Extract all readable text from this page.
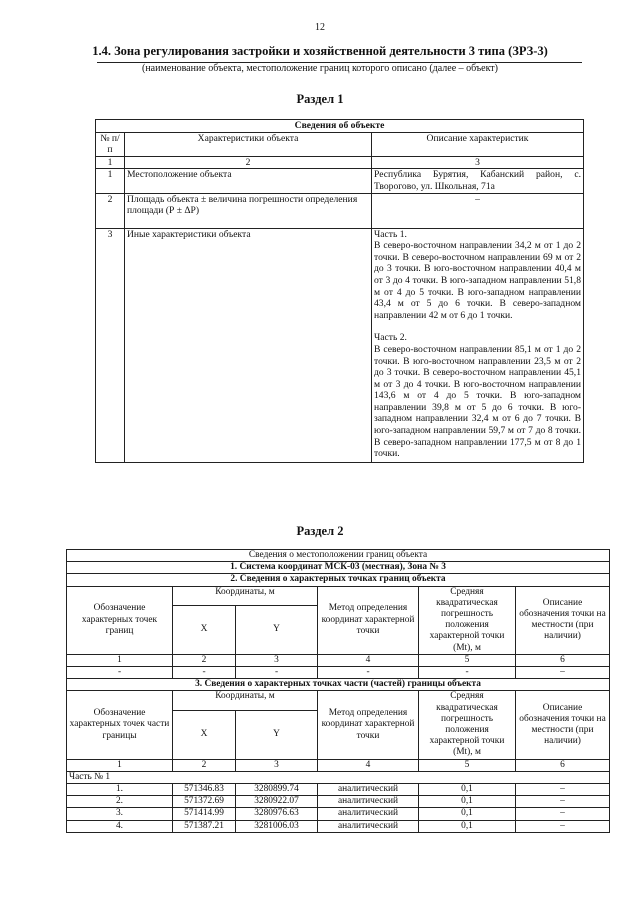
12
1.4. Зона регулирования застройки и хозяйственной деятельности 3 типа (ЗРЗ-3)
(наименование объекта, местоположение границ которого описано (далее – объект)
Раздел 1
Сведения об объекте		
№ п/п	Характеристики объекта	Описание характеристик
1	2	3
1	Местоположение объекта	Республика Бурятия, Кабанский район, с. Творогово, ул. Школьная, 71а
2	Площадь объекта ± величина погрешности определения площади (Р ± ΔР)	–
3	Иные характеристики объекта	Часть 1.
В северо-восточном направлении 34,2 м от 1 до 2 точки. В северо-восточном направлении 69 м от 2 до 3 точки. В юго-восточном направлении 40,4 м от 3 до 4 точки. В юго-западном направлении 51,8 м от 4 до 5 точки. В юго-западном направлении 43,4 м от 5 до 6 точки. В северо-западном направлении 42 м от 6 до 1 точки.
Часть 2.
В северо-восточном направлении 85,1 м от 1 до 2 точки. В юго-восточном направлении 23,5 м от 2 до 3 точки. В северо-восточном направлении 45,1 м от 3 до 4 точки. В юго-восточном направлении 143,6 м от 4 до 5 точки. В юго-западном направлении 39,8 м от 5 до 6 точки. В юго-западном направлении 32,4 м от 6 до 7 точки. В юго-западном направлении 59,7 м от 7 до 8 точки. В северо-западном направлении 177,5 м от 8 до 1 точки.
Раздел 2
Сведения о местоположении границ объекта					
1. Система координат МСК-03 (местная), Зона № 3					
2. Сведения о характерных точках границ объекта					
Обозначение характерных точек границ	Координаты, м		Метод определения координат характерной точки	Средняя квадратическая погрешность положения характерной точки (Mt), м	Описание обозначения точки на местности (при наличии)
	X	Y			
1	2	3	4	5	6
-	-	-	-	-	–
3. Сведения о характерных точках части (частей) границы объекта					
Обозначение характерных точек части границы	Координаты, м		Метод определения координат характерной точки	Средняя квадратическая погрешность положения характерной точки (Mt), м	Описание обозначения точки на местности (при наличии)
	X	Y			
1	2	3	4	5	6
Часть № 1					
1.	571346.83	3280899.74	аналитический	0,1	–
2.	571372.69	3280922.07	аналитический	0,1	–
3.	571414.99	3280976.63	аналитический	0,1	–
4.	571387.21	3281006.03	аналитический	0,1	–
